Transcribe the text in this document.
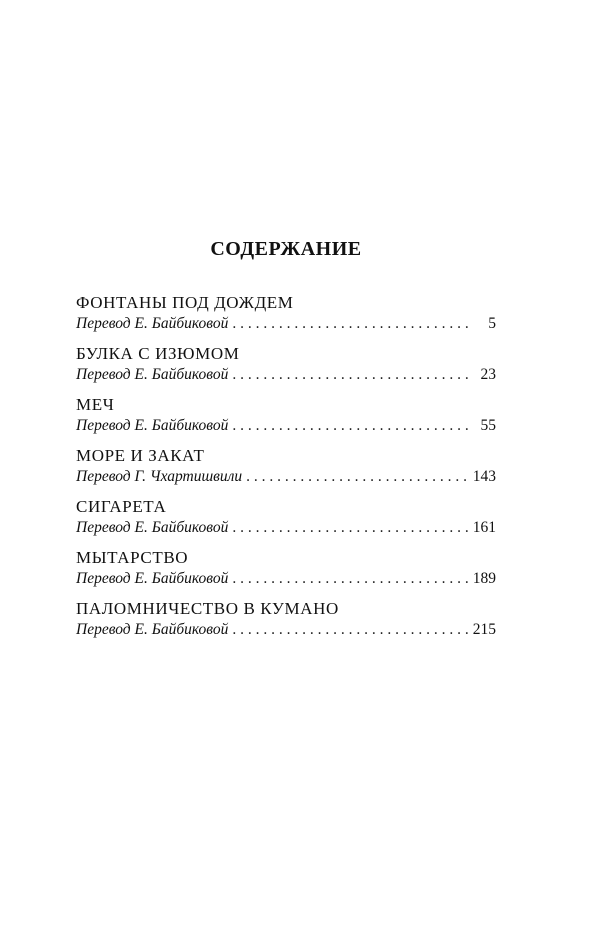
СОДЕРЖАНИЕ
ФОНТАНЫ ПОД ДОЖДЕМ
Перевод Е. Байбиковой . . .	5
БУЛКА С ИЗЮМОМ
Перевод Е. Байбиковой . . .	23
МЕЧ
Перевод Е. Байбиковой . . .	55
МОРЕ И ЗАКАТ
Перевод Г. Чхартишвили . . .	143
СИГАРЕТА
Перевод Е. Байбиковой . . .	161
МЫТАРСТВО
Перевод Е. Байбиковой . . .	189
ПАЛОМНИЧЕСТВО В КУМАНО
Перевод Е. Байбиковой . . .	215
